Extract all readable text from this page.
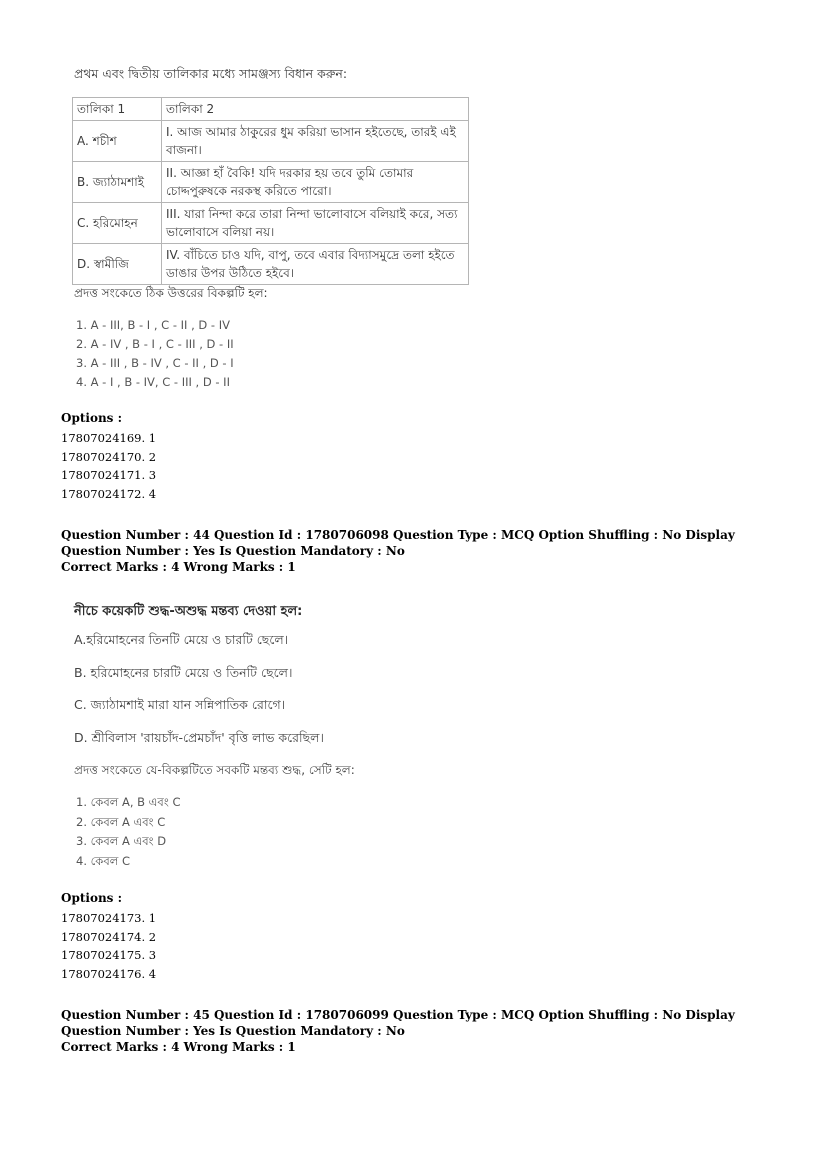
প্রথম এবং দ্বিতীয় তালিকার মধ্যে সামঞ্জস্য বিধান করুন:
তালিকা 1	তালিকা 2
A. শচীশ	I. আজ আমার ঠাকুরের ধুম করিয়া ভাসান হইতেছে, তারই এই বাজনা।
B. জ্যাঠামশাই	II. আজ্ঞা হাঁ বৈকি! যদি দরকার হয় তবে তুমি তোমার চোদ্দপুরুষকে নরকস্থ করিতে পারো।
C. হরিমোহন	III. যারা নিন্দা করে তারা নিন্দা ভালোবাসে বলিয়াই করে, সত্য ভালোবাসে বলিয়া নয়।
D. স্বামীজি	IV. বাঁচিতে চাও যদি, বাপু, তবে এবার বিদ্যাসমুদ্রে তলা হইতে ডাঙার উপর উঠিতে হইবে।
প্রদত্ত সংকেতে ঠিক উত্তরের বিকল্পটি হল:
1. A - III, B - I , C - II , D - IV
2. A - IV , B - I , C - III , D - II
3. A - III , B - IV , C - II , D - I
4. A - I , B - IV, C - III , D - II
Options :
17807024169. 1
17807024170. 2
17807024171. 3
17807024172. 4
Question Number : 44 Question Id : 1780706098 Question Type : MCQ Option Shuffling : No Display Question Number : Yes Is Question Mandatory : No
Correct Marks : 4 Wrong Marks : 1
নীচে কয়েকটি শুদ্ধ-অশুদ্ধ মন্তব্য দেওয়া হল:
A.হরিমোহনের তিনটি মেয়ে ও চারটি ছেলে।
B. হরিমোহনের চারটি মেয়ে ও তিনটি ছেলে।
C. জ্যাঠামশাই মারা যান সন্নিপাতিক রোগে।
D. শ্রীবিলাস 'রায়চাঁদ-প্রেমচাঁদ' বৃত্তি লাভ করেছিল।
প্রদত্ত সংকেতে যে-বিকল্পটিতে সবকটি মন্তব্য শুদ্ধ, সেটি হল:
1. কেবল A, B এবং C
2. কেবল A এবং C
3. কেবল A এবং D
4. কেবল C
Options :
17807024173. 1
17807024174. 2
17807024175. 3
17807024176. 4
Question Number : 45 Question Id : 1780706099 Question Type : MCQ Option Shuffling : No Display Question Number : Yes Is Question Mandatory : No
Correct Marks : 4 Wrong Marks : 1
